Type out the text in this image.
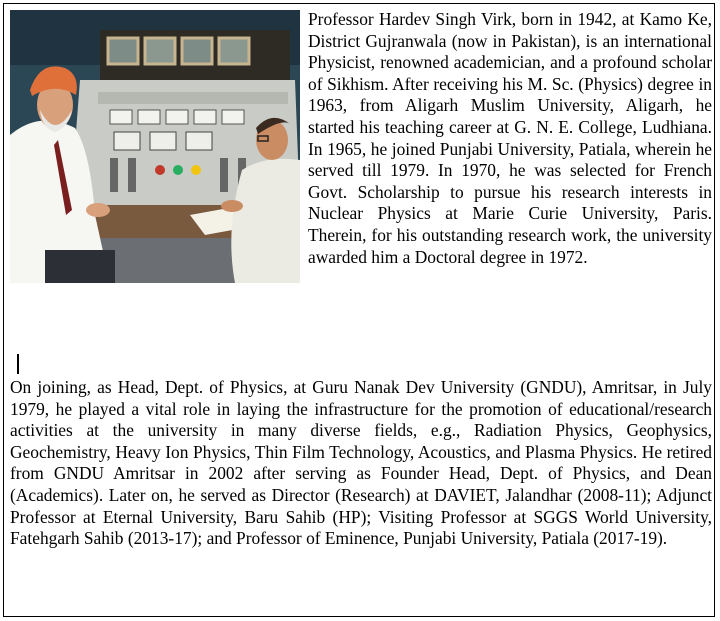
Professor Hardev Singh Virk, born in 1942, at Kamo Ke, District Gujranwala (now in Pakistan), is an international Physicist, renowned academician, and a profound scholar of Sikhism. After receiving his M. Sc. (Physics) degree in 1963, from Aligarh Muslim University, Aligarh, he started his teaching career at G. N. E. College, Ludhiana. In 1965, he joined Punjabi University, Patiala, wherein he served till 1979. In 1970, he was selected for French Govt. Scholarship to pursue his research interests in Nuclear Physics at Marie Curie University, Paris. Therein, for his outstanding research work, the university awarded him a Doctoral degree in 1972.

On joining, as Head, Dept. of Physics, at Guru Nanak Dev University (GNDU), Amritsar, in July 1979, he played a vital role in laying the infrastructure for the promotion of educational/research activities at the university in many diverse fields, e.g., Radiation Physics, Geophysics, Geochemistry, Heavy Ion Physics, Thin Film Technology, Acoustics, and Plasma Physics. He retired from GNDU Amritsar in 2002 after serving as Founder Head, Dept. of Physics, and Dean (Academics). Later on, he served as Director (Research) at DAVIET, Jalandhar (2008-11); Adjunct Professor at Eternal University, Baru Sahib (HP); Visiting Professor at SGGS World University, Fatehgarh Sahib (2013-17); and Professor of Eminence, Punjabi University, Patiala (2017-19).
